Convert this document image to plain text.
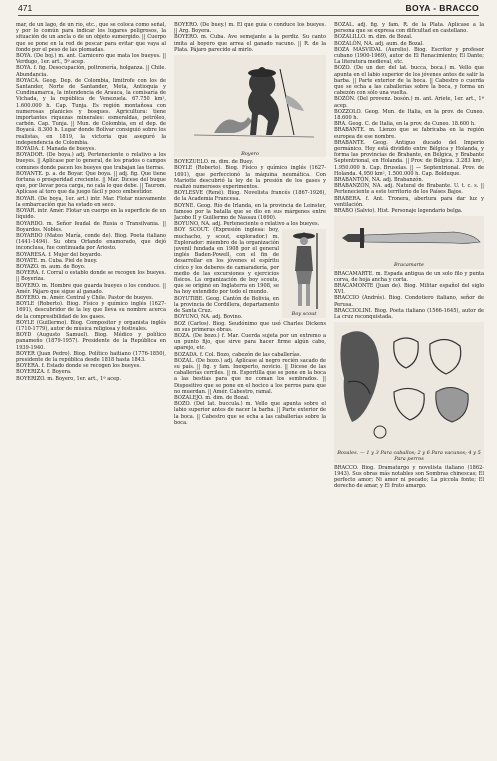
471	BOYA - BRACCO

mar, de un lago, de un río, etc., que se coloca como señal, y por lo común para indicar los lugares peligrosos, la situación de un ancla o de un objeto sumergido. || Cuerpo que se pone en la red de pescar para evitar que vaya al fondo por el peso de las plomadas.

BOYA. (De boj.) m. ant. Carnicero que mata los bueyes. || Verdugo, 1er. art., 5ª acep.

BOYA. f. fig. Desocupación, poltronería, holganza. || Chile. Abundancia.

BOYACÁ. Geog. Dep. de Colombia, limitrofe con los de Santander, Norte de Santander, Meta, Antioquia y Cundinamarca, la intendencia de Arauca, la comisaría de Vichada, y la república de Venezuela. 67.750 km², 1.600.000 h. Cap. Tunja. Es región montañosa con numerosas planicies y bosques. Agricultura: tiene importantes riquezas minerales: esmeraldas, petróleo, carbón. Cap. Tunja. || Mun. de Colombia, en el dep. de Boyacá. 8.300 h. Lugar donde Bolívar consiguió sobre los realistas, en 1819, la victoria que aseguró la independencia de Colombia.

BOYADA. f. Manada de bueyes.

BOYADOR. (De boya.) adj. Perteneciente o relativo a los bueyes. || Aplícase por lo general, de los prados o campos comunes donde pacen los bueyes que trabajan las tierras.

BOYANTE. p. a. de Boyar. Que boya. || adj. fig. Que tiene fortuna o prosperidad creciente. || Mar. Dícese del buque que, por llevar poca carga, no cala lo que debe. || Taurom. Aplícase al toro que da juego fácil y poco embestidor.

BOYAR. (De boya, 1er. art.) intr. Mar. Flotar nuevamente la embarcación que ha estado en seco.

BOYAR. intr. Amér. Flotar un cuerpo en la superficie de un líquido.

BOYARDO. m. Señor feudal de Rusia o Transilvania. || Boyardos. Nobles.

BOYARDO (Mateo María, conde de). Biog. Poeta italiano (1441-1494). Su obra Orlando enamorado, que dejó inconclusa, fue continuada por Ariosto.

BOYARESA. f. Mujer del boyardo.

BOYATE. m. Cuba. Piel de buey.

BOYAZO. m. aum. de Boyo.

BOYERA. f. Corral o establo donde se recogen los bueyes. || Boyeriza.

BOYERO. m. Hombre que guarda bueyes o los conduce. || Amér. Pájaro que sigue al ganado.

BOYERO. m. Amér. Central y Chile. Pastor de bueyes.

BOYLE (Roberto). Biog. Físico y químico inglés (1627-1691), descubridor de la ley que lleva su nombre acerca de la compresibilidad de los gases.

BOYLE (Guillermo). Biog. Compositor y organista inglés (1710-1779), autor de música religiosa y festivales.

BOYD (Augusto Samuel). Biog. Médico y político panameño (1879-1957). Presidente de la República en 1939-1940.

BOYER (Juan Pedro). Biog. Político haitiano (1776-1850), presidente de la república desde 1818 hasta 1843.

BOYERA. f. Estado donde se recogen los bueyes.

BOYERIZA. f. Boyera.

BOYERIZO. m. Boyero, 1er. art., 1ª acep.

BOYERO. (De buey.) m. El que guía o conduce los bueyes. || Arg. Boyera.

BOYERO. m. Cuba. Ave semejante a la perdiz. Su canto imita al boyero que arrea el ganado vacuno. || R. de la Plata. Pájaro parecido al mirlo.

Boyero

BOYEZUELO. m. dim. de Buey.

BOYLE (Roberto). Biog. Físico y químico inglés (1627-1691), que perfeccionó la máquina neumática. Con Mariotte descubrió la ley de la presión de los gases y realizó numerosos experimentos.

BOYLESVE (René). Biog. Novelista francés (1867-1926), de la Academia Francesa.

BOYNE. Geog. Río de Irlanda, en la provincia de Leinster, famoso por la batalla que se dio en sus márgenes entre Jacobo II y Guillermo de Nassau (1690).

BOYUNO, NA. adj. Perteneciente o relativo a los bueyes.

Boy scout

BOY SCOUT. (Expresión inglesa: boy, muchacho, y scout, explorador.) m. Explorador: miembro de la organización juvenil fundada en 1908 por el general inglés Baden-Powell, con el fin de desarrollar en los jóvenes el espíritu cívico y los deberes de camaradería, por medio de las excursiones y ejercicios físicos. La organización de boy scouts, que se originó en Inglaterra en 1908, se ha hoy extendido por todo el mundo.

BOYUTIBE. Geog. Cantón de Bolivia, en la provincia de Cordillera, departamento de Santa Cruz.

BOYUNO, NA. adj. Bovino.

BOZ (Carlos). Biog. Seudónimo que usó Charles Dickens en sus primeras obras.

BOZA. (De bozo.) f. Mar. Cuerda sujeta por un extremo a un punto fijo, que sirve para hacer firme algún cabo, aparejo, etc.

BOZADA. f. Col. Bozo, cabezón de las caballerías.

BOZAL. (De bozo.) adj. Aplícase al negro recién sacado de su país. || fig. y fam. Inexperto, novicio. || Dícese de las caballerías cerriles. || m. Esportilla que se pone en la boca a las bestias para que no coman los sembrados. || Dispositivo que se pone en el hocico a los perros para que no muerdan. || Amér. Cabestro, ramal.

BOZALEJO. m. dim. de Bozal.

BOZO. (Del lat. buccula.) m. Vello que apunta sobre el labio superior antes de nacer la barba. || Parte exterior de la boca. || Cabestro que se echa a las caballerías sobre la boca.

BOZAL. adj. fig. y fam. R. de la Plata. Aplícase a la persona que se expresa con dificultad en castellano.

BOZALILLO. m. dim. de Bozal.

BOZALÓN, NA. adj. aum. de Bozal.

BOZA MASVIDAL (Aurelio). Biog. Escritor y profesor cubano (1900-1969), autor de El Renacimiento; El Dante; La literatura medieval, etc.

BOZO. (De un der. del lat. bucca, boca.) m. Vello que apunta en el labio superior de los jóvenes antes de salir la barba. || Parte exterior de la boca. || Cabestro o cuerda que se echa a las caballerías sobre la boca, y forma un cabezón con sólo una vuelta.

BOZÓN. (Del provenz. bosón.) m. ant. Ariete, 1er. art., 1ª acep.

BOZZOLO. Geog. Mun. de Italia, en la prov. de Cuneo. 18.600 h.

BRA. Geog. C. de Italia, en la prov. de Cuneo. 18.600 h.

BRABANTE. m. Lienzo que se fabricaba en la región europea de ese nombre.

BRABANTE. Geog. Antiguo ducado del Imperio germánico. Hoy está dividido entre Bélgica y Holanda, y forma las provincias de Brabante, en Bélgica, y Brabante Septentrional, en Holanda. || Prov. de Bélgica. 3.283 km², 1.950.000 h. Cap. Bruselas. || — Septentrional. Prov. de Holanda. 4.950 km², 1.500.000 h. Cap. Bolduque.

BRABANTÓN, NA. adj. Brabanzón.

BRABANZÓN, NA. adj. Natural de Brabante. U. t. c. s. || Perteneciente a este territorio de los Países Bajos.

BRABERA. f. Ant. Tronera, abertura para dar luz y ventilación.

BRABO (Salvio). Hist. Personaje legendario belga.

Bracamarte

BRACAMARTE. m. Espada antigua de un solo filo y punta corva, de hoja ancha y corta.

BRACAMONTE (Juan de). Biog. Militar español del siglo XVI.

BRACCIO (Andrés). Biog. Condotiero italiano, señor de Perusa.

BRACCIOLINI. Biog. Poeta italiano (1566-1645), autor de La cruz reconquistada.

Bozales. — 1 y 3 Para caballos; 2 y 6 Para vacunos; 4 y 5 Para perros

BRACCO. Biog. Dramaturgo y novelista italiano (1862-1943). Sus obras más notables son Sombras chinescas; El perfecto amor; Ni amor ni pecado; La piccola fonte; El derecho de amar, y El fruto amargo.
